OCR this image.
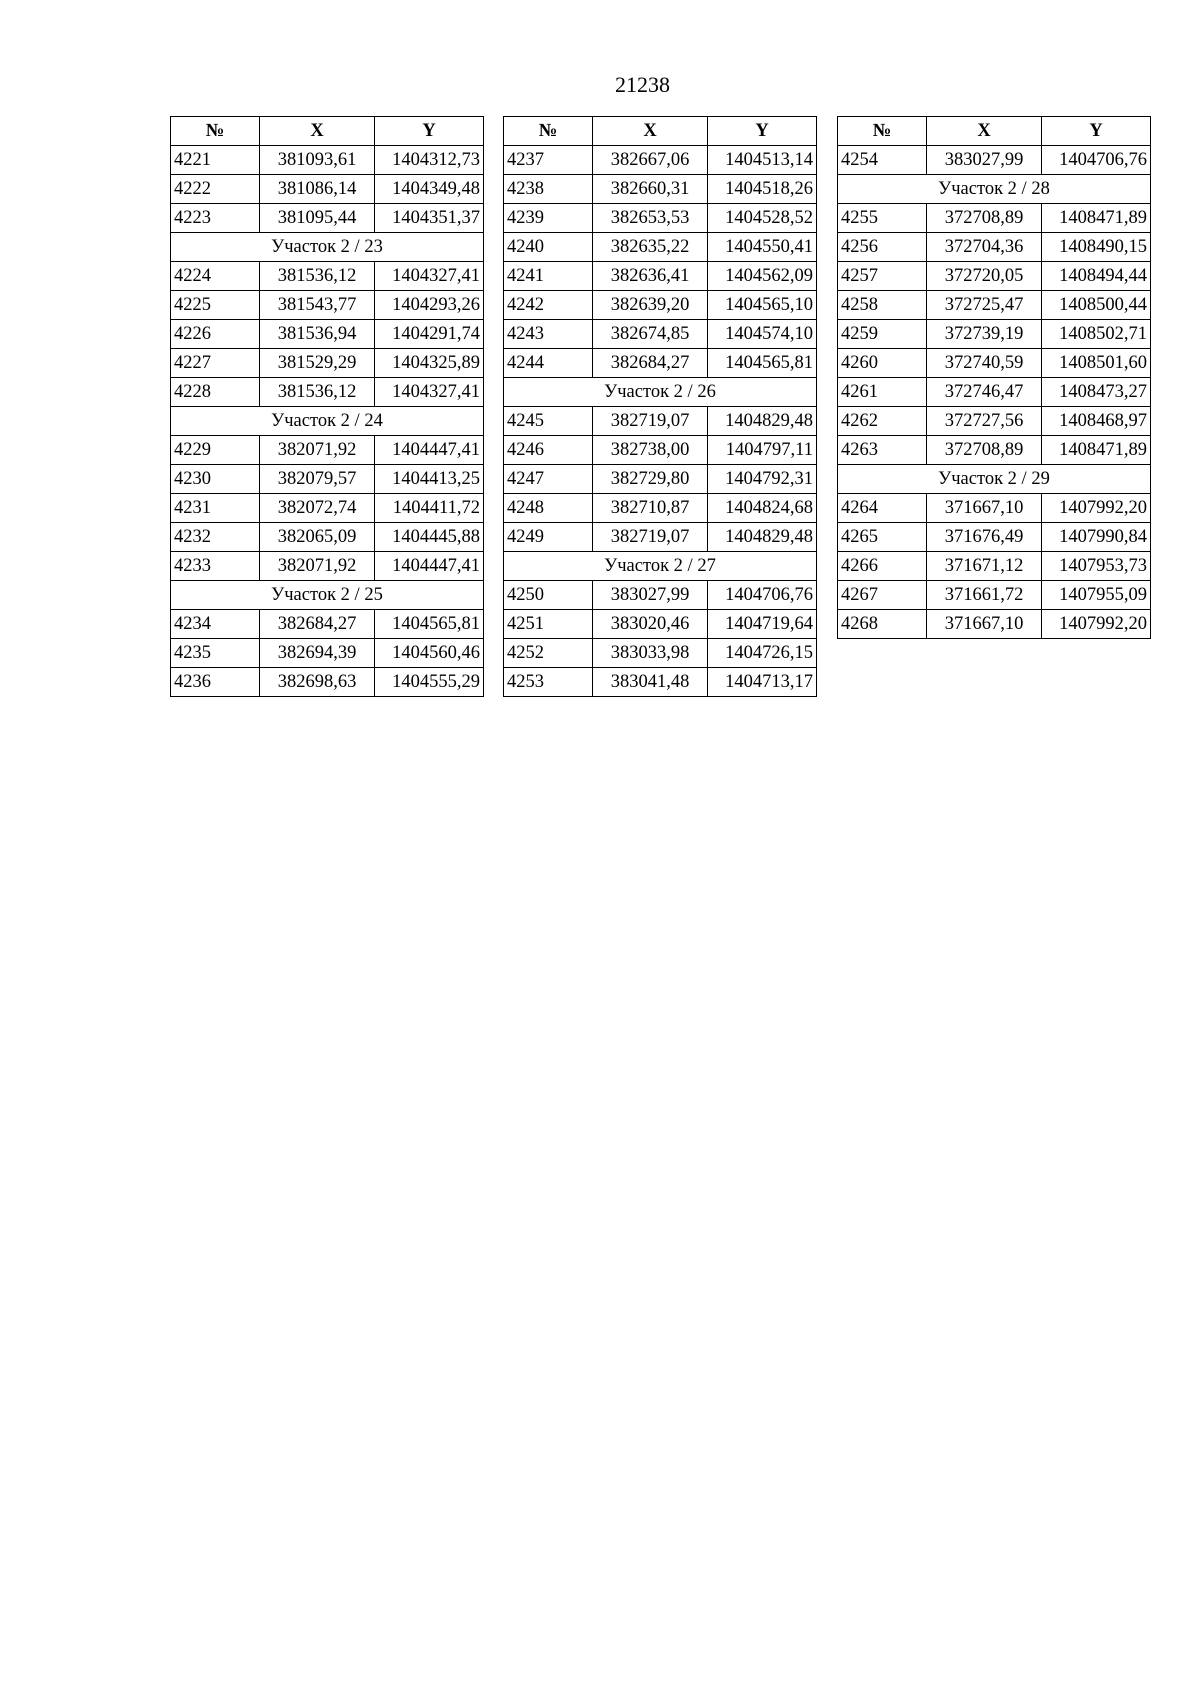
21238
№	X	Y
4221	381093,61	1404312,73
4222	381086,14	1404349,48
4223	381095,44	1404351,37
Участок 2 / 23		
4224	381536,12	1404327,41
4225	381543,77	1404293,26
4226	381536,94	1404291,74
4227	381529,29	1404325,89
4228	381536,12	1404327,41
Участок 2 / 24		
4229	382071,92	1404447,41
4230	382079,57	1404413,25
4231	382072,74	1404411,72
4232	382065,09	1404445,88
4233	382071,92	1404447,41
Участок 2 / 25		
4234	382684,27	1404565,81
4235	382694,39	1404560,46
4236	382698,63	1404555,29
№	X	Y
4237	382667,06	1404513,14
4238	382660,31	1404518,26
4239	382653,53	1404528,52
4240	382635,22	1404550,41
4241	382636,41	1404562,09
4242	382639,20	1404565,10
4243	382674,85	1404574,10
4244	382684,27	1404565,81
Участок 2 / 26		
4245	382719,07	1404829,48
4246	382738,00	1404797,11
4247	382729,80	1404792,31
4248	382710,87	1404824,68
4249	382719,07	1404829,48
Участок 2 / 27		
4250	383027,99	1404706,76
4251	383020,46	1404719,64
4252	383033,98	1404726,15
4253	383041,48	1404713,17
№	X	Y
4254	383027,99	1404706,76
Участок 2 / 28		
4255	372708,89	1408471,89
4256	372704,36	1408490,15
4257	372720,05	1408494,44
4258	372725,47	1408500,44
4259	372739,19	1408502,71
4260	372740,59	1408501,60
4261	372746,47	1408473,27
4262	372727,56	1408468,97
4263	372708,89	1408471,89
Участок 2 / 29		
4264	371667,10	1407992,20
4265	371676,49	1407990,84
4266	371671,12	1407953,73
4267	371661,72	1407955,09
4268	371667,10	1407992,20
